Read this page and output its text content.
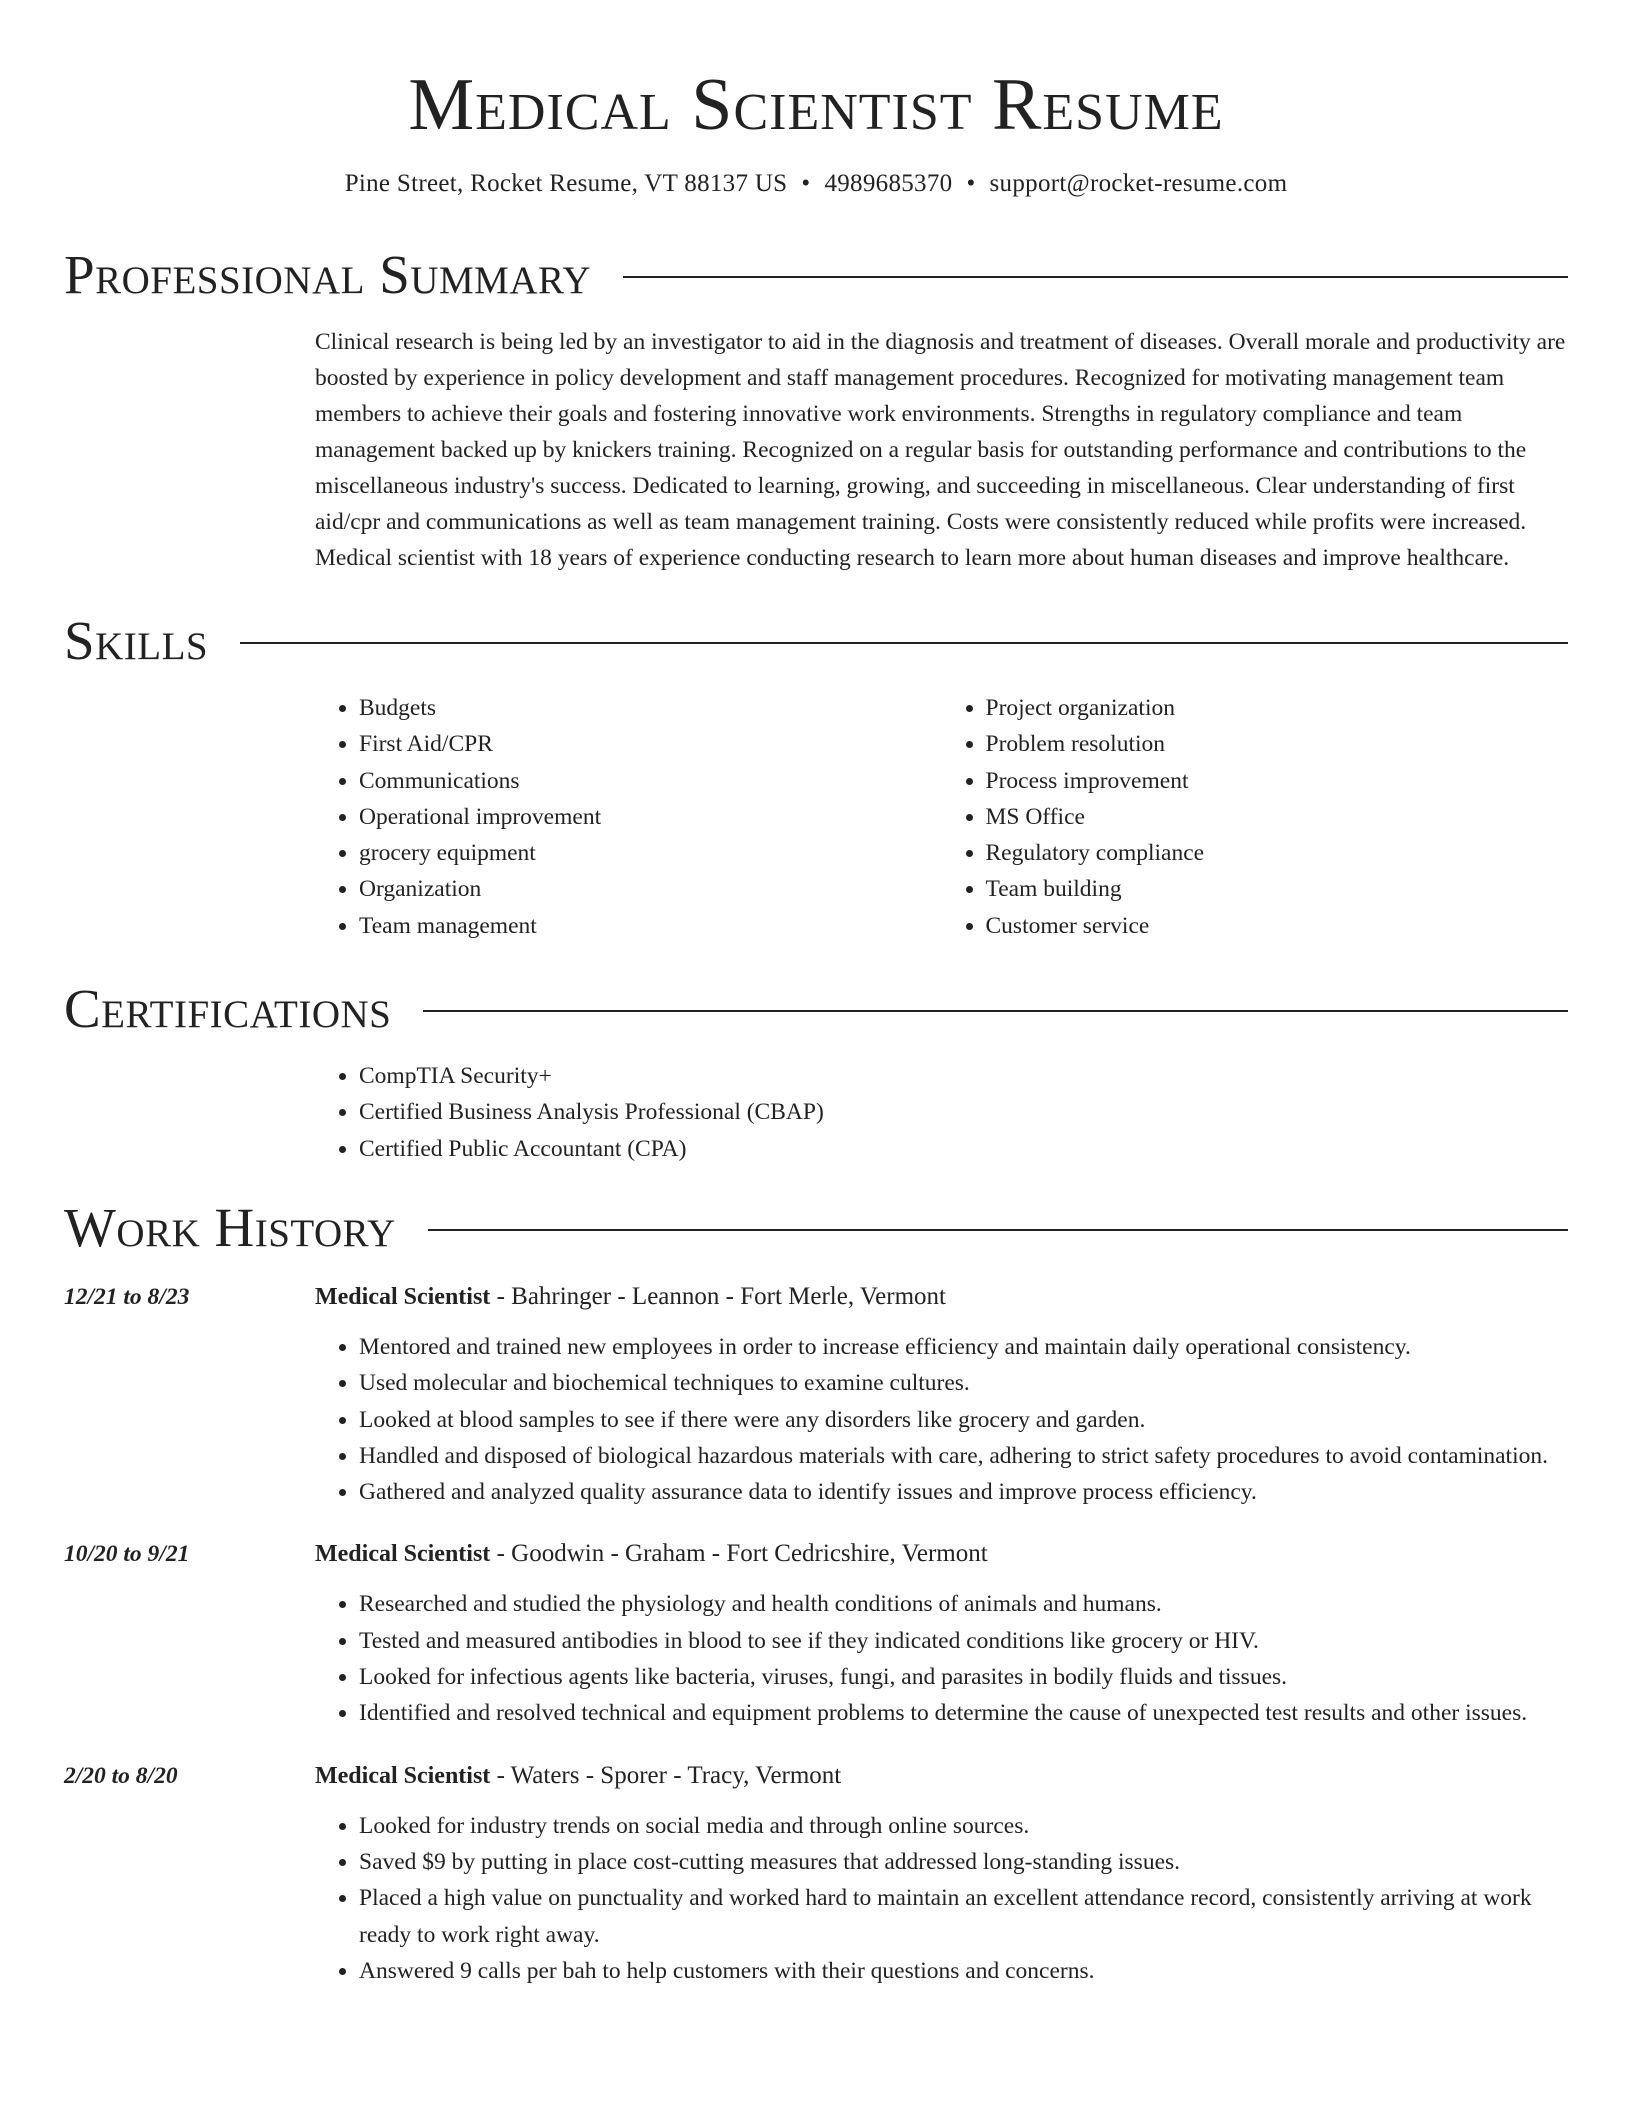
Medical Scientist Resume
Pine Street, Rocket Resume, VT 88137 US • 4989685370 • support@rocket-resume.com
Professional Summary

Clinical research is being led by an investigator to aid in the diagnosis and treatment of diseases. Overall morale and productivity are boosted by experience in policy development and staff management procedures. Recognized for motivating management team members to achieve their goals and fostering innovative work environments. Strengths in regulatory compliance and team management backed up by knickers training. Recognized on a regular basis for outstanding performance and contributions to the miscellaneous industry's success. Dedicated to learning, growing, and succeeding in miscellaneous. Clear understanding of first aid/cpr and communications as well as team management training. Costs were consistently reduced while profits were increased. Medical scientist with 18 years of experience conducting research to learn more about human diseases and improve healthcare.

Skills
• Budgets
• First Aid/CPR
• Communications
• Operational improvement
• grocery equipment
• Organization
• Team management
• Project organization
• Problem resolution
• Process improvement
• MS Office
• Regulatory compliance
• Team building
• Customer service
Certifications
• CompTIA Security+
• Certified Business Analysis Professional (CBAP)
• Certified Public Accountant (CPA)
Work History
12/21 to 8/23	Medical Scientist - Bahringer - Leannon - Fort Merle, Vermont
• Mentored and trained new employees in order to increase efficiency and maintain daily operational consistency.
• Used molecular and biochemical techniques to examine cultures.
• Looked at blood samples to see if there were any disorders like grocery and garden.
• Handled and disposed of biological hazardous materials with care, adhering to strict safety procedures to avoid contamination.
• Gathered and analyzed quality assurance data to identify issues and improve process efficiency.
10/20 to 9/21	Medical Scientist - Goodwin - Graham - Fort Cedricshire, Vermont
• Researched and studied the physiology and health conditions of animals and humans.
• Tested and measured antibodies in blood to see if they indicated conditions like grocery or HIV.
• Looked for infectious agents like bacteria, viruses, fungi, and parasites in bodily fluids and tissues.
• Identified and resolved technical and equipment problems to determine the cause of unexpected test results and other issues.
2/20 to 8/20	Medical Scientist - Waters - Sporer - Tracy, Vermont
• Looked for industry trends on social media and through online sources.
• Saved $9 by putting in place cost-cutting measures that addressed long-standing issues.
• Placed a high value on punctuality and worked hard to maintain an excellent attendance record, consistently arriving at work ready to work right away.
• Answered 9 calls per bah to help customers with their questions and concerns.
